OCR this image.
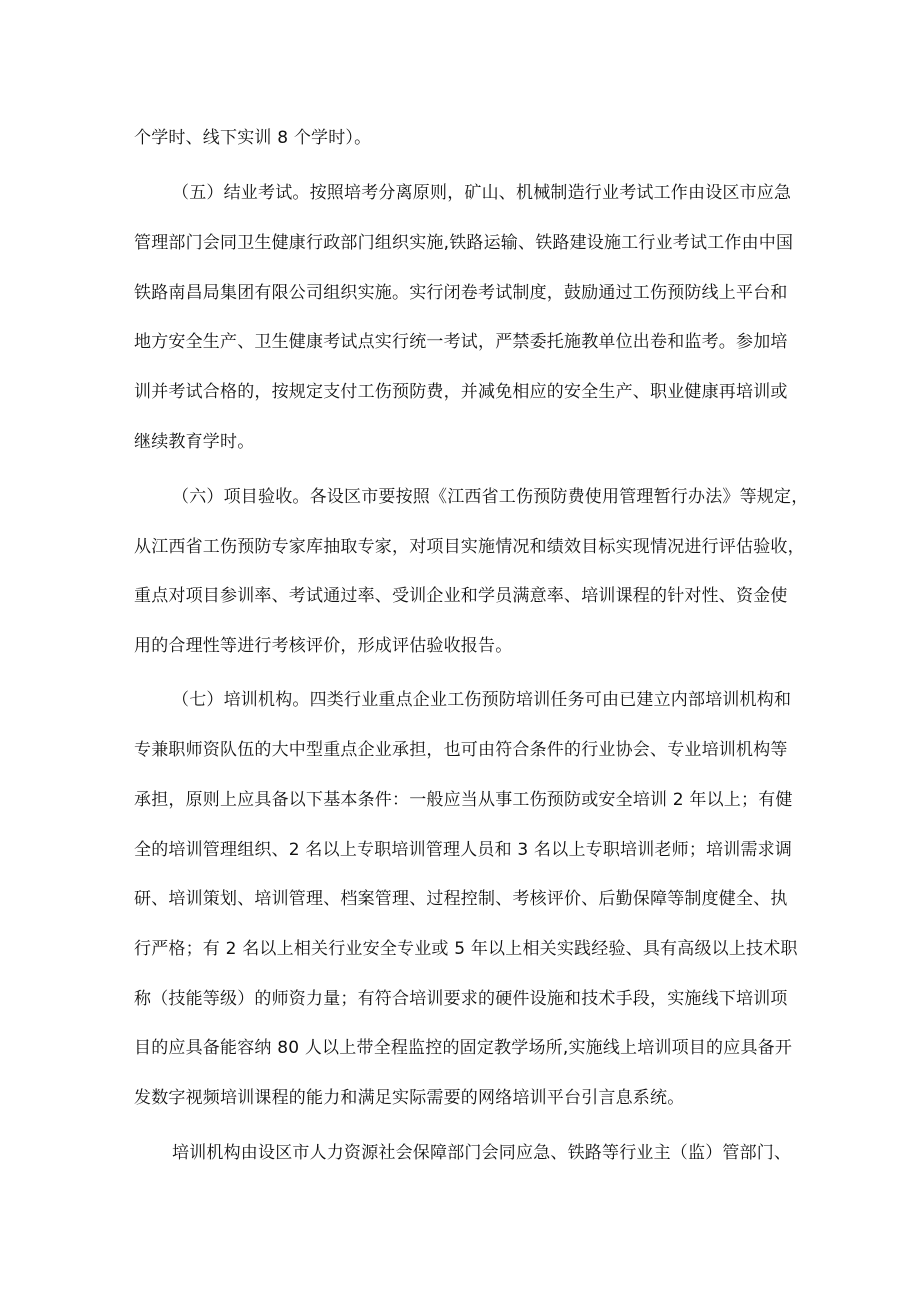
个学时、线下实训 8 个学时）。
（五）结业考试。按照培考分离原则，矿山、机械制造行业考试工作由设区市应急
管理部门会同卫生健康行政部门组织实施,铁路运输、铁路建设施工行业考试工作由中国
铁路南昌局集团有限公司组织实施。实行闭卷考试制度，鼓励通过工伤预防线上平台和
地方安全生产、卫生健康考试点实行统一考试，严禁委托施教单位出卷和监考。参加培
训并考试合格的，按规定支付工伤预防费，并减免相应的安全生产、职业健康再培训或
继续教育学时。
（六）项目验收。各设区市要按照《江西省工伤预防费使用管理暂行办法》等规定，
从江西省工伤预防专家库抽取专家，对项目实施情况和绩效目标实现情况进行评估验收，
重点对项目参训率、考试通过率、受训企业和学员满意率、培训课程的针对性、资金使
用的合理性等进行考核评价，形成评估验收报告。
（七）培训机构。四类行业重点企业工伤预防培训任务可由已建立内部培训机构和
专兼职师资队伍的大中型重点企业承担，也可由符合条件的行业协会、专业培训机构等
承担，原则上应具备以下基本条件：一般应当从事工伤预防或安全培训 2 年以上；有健
全的培训管理组织、2 名以上专职培训管理人员和 3 名以上专职培训老师；培训需求调
研、培训策划、培训管理、档案管理、过程控制、考核评价、后勤保障等制度健全、执
行严格；有 2 名以上相关行业安全专业或 5 年以上相关实践经验、具有高级以上技术职
称（技能等级）的师资力量；有符合培训要求的硬件设施和技术手段，实施线下培训项
目的应具备能容纳 80 人以上带全程监控的固定教学场所,实施线上培训项目的应具备开
发数字视频培训课程的能力和满足实际需要的网络培训平台引言息系统。
培训机构由设区市人力资源社会保障部门会同应急、铁路等行业主（监）管部门、
